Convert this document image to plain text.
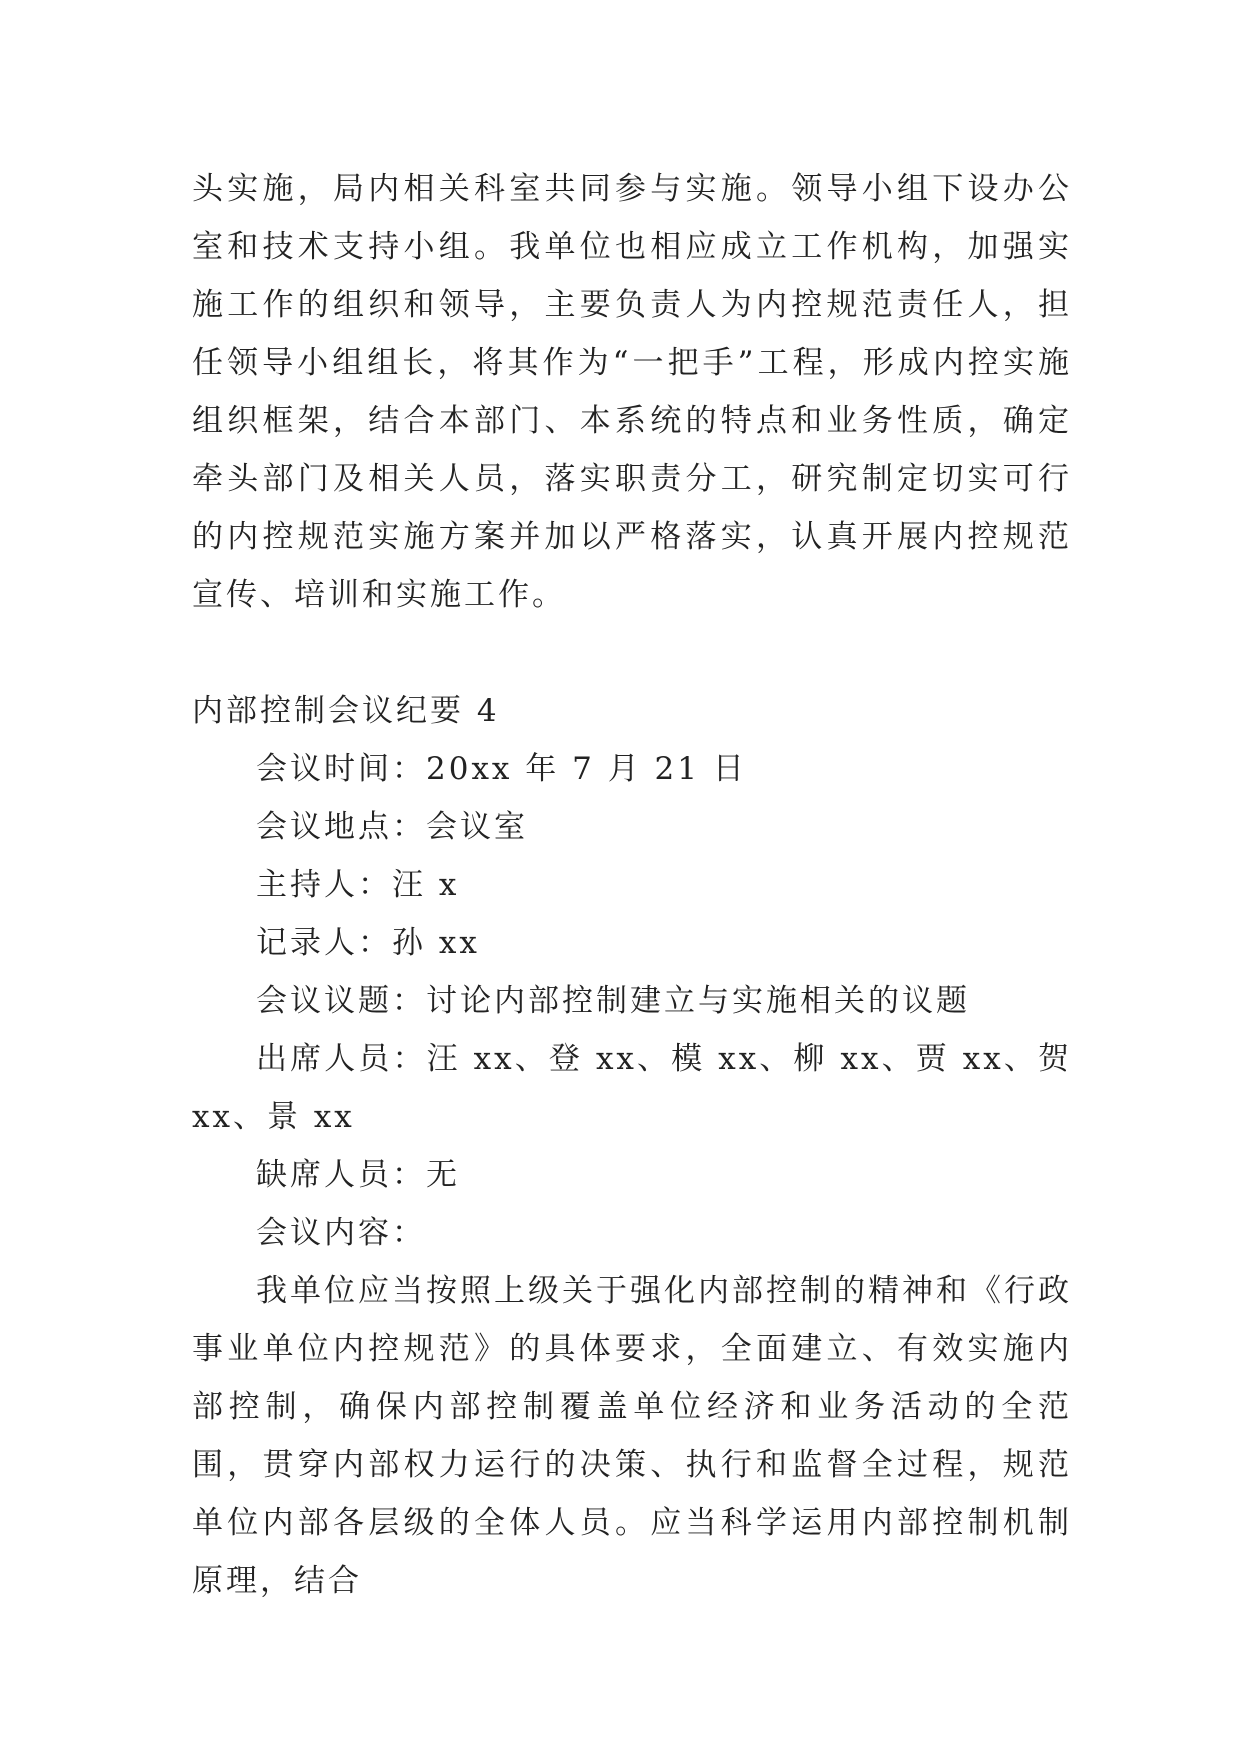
头实施，局内相关科室共同参与实施。领导小组下设办公室和技术支持小组。我单位也相应成立工作机构，加强实施工作的组织和领导，主要负责人为内控规范责任人，担任领导小组组长，将其作为“一把手”工程，形成内控实施组织框架，结合本部门、本系统的特点和业务性质，确定牵头部门及相关人员，落实职责分工，研究制定切实可行的内控规范实施方案并加以严格落实，认真开展内控规范宣传、培训和实施工作。

内部控制会议纪要 4

会议时间：20xx 年 7 月 21 日

会议地点：会议室

主持人：汪 x

记录人：孙 xx

会议议题：讨论内部控制建立与实施相关的议题

出席人员：汪 xx、登 xx、模 xx、柳 xx、贾 xx、贺 xx、景 xx

缺席人员：无

会议内容：

我单位应当按照上级关于强化内部控制的精神和《行政事业单位内控规范》的具体要求，全面建立、有效实施内部控制，确保内部控制覆盖单位经济和业务活动的全范围，贯穿内部权力运行的决策、执行和监督全过程，规范单位内部各层级的全体人员。应当科学运用内部控制机制原理，结合
